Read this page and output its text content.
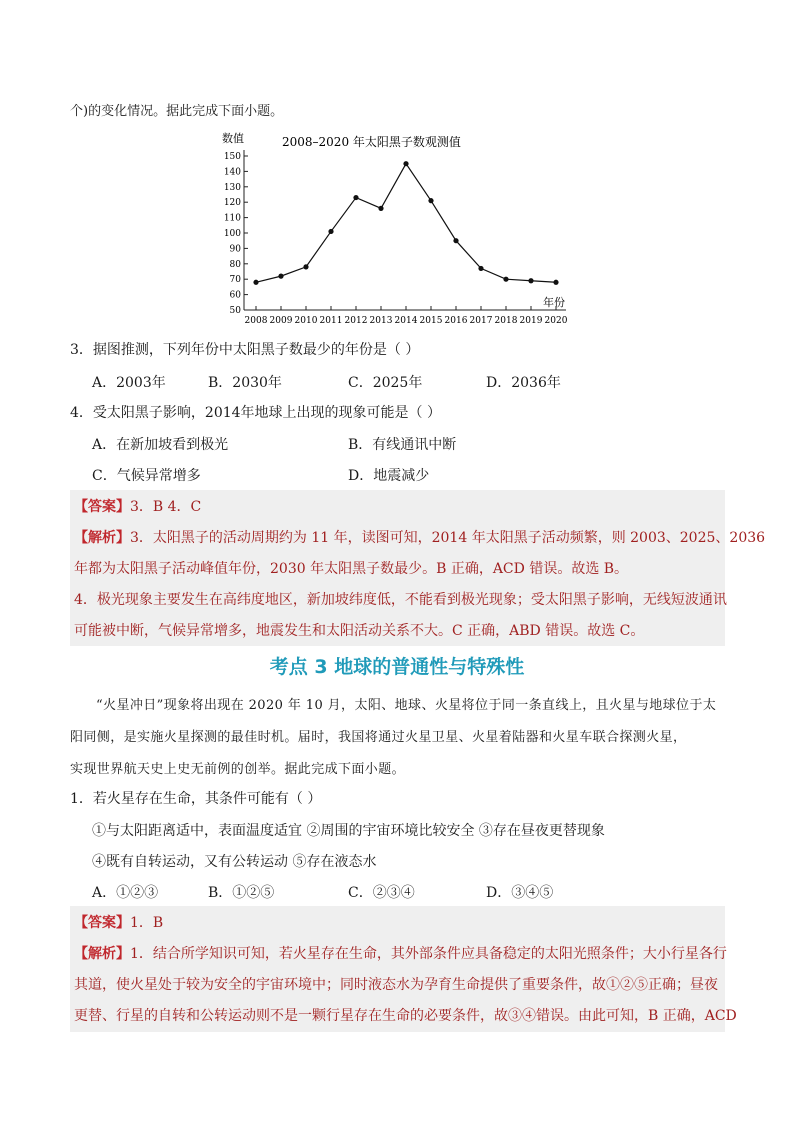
个)的变化情况。据此完成下面小题。
数值	2008–2020 年太阳黑子数观测值
年份
50
60
70
80
90
100
110
120
130
140
150
2008 2009 2010 2011 2012 2013 2014 2015 2016 2017 2018 2019 2020
3．据图推测，下列年份中太阳黑子数最少的年份是（ ）
A．2003年	B．2030年	C．2025年	D．2036年
4．受太阳黑子影响，2014年地球上出现的现象可能是（ ）
A．在新加坡看到极光	B．有线通讯中断
C．气候异常增多	D．地震减少
【答案】3．B 4．C
【解析】3．太阳黑子的活动周期约为 11 年，读图可知，2014 年太阳黑子活动频繁，则 2003、2025、2036
年都为太阳黑子活动峰值年份，2030 年太阳黑子数最少。B 正确，ACD 错误。故选 B。
4．极光现象主要发生在高纬度地区，新加坡纬度低，不能看到极光现象；受太阳黑子影响，无线短波通讯
可能被中断，气候异常增多，地震发生和太阳活动关系不大。C 正确，ABD 错误。故选 C。
考点 3 地球的普通性与特殊性
“火星冲日”现象将出现在 2020 年 10 月，太阳、地球、火星将位于同一条直线上，且火星与地球位于太
阳同侧，是实施火星探测的最佳时机。届时，我国将通过火星卫星、火星着陆器和火星车联合探测火星，
实现世界航天史上史无前例的创举。据此完成下面小题。
1．若火星存在生命，其条件可能有（ ）
①与太阳距离适中，表面温度适宜 ②周围的宇宙环境比较安全 ③存在昼夜更替现象
④既有自转运动，又有公转运动 ⑤存在液态水
A．①②③	B．①②⑤	C．②③④	D．③④⑤
【答案】1．B
【解析】1．结合所学知识可知，若火星存在生命，其外部条件应具备稳定的太阳光照条件；大小行星各行
其道，使火星处于较为安全的宇宙环境中；同时液态水为孕育生命提供了重要条件，故①②⑤正确；昼夜
更替、行星的自转和公转运动则不是一颗行星存在生命的必要条件，故③④错误。由此可知，B 正确，ACD
